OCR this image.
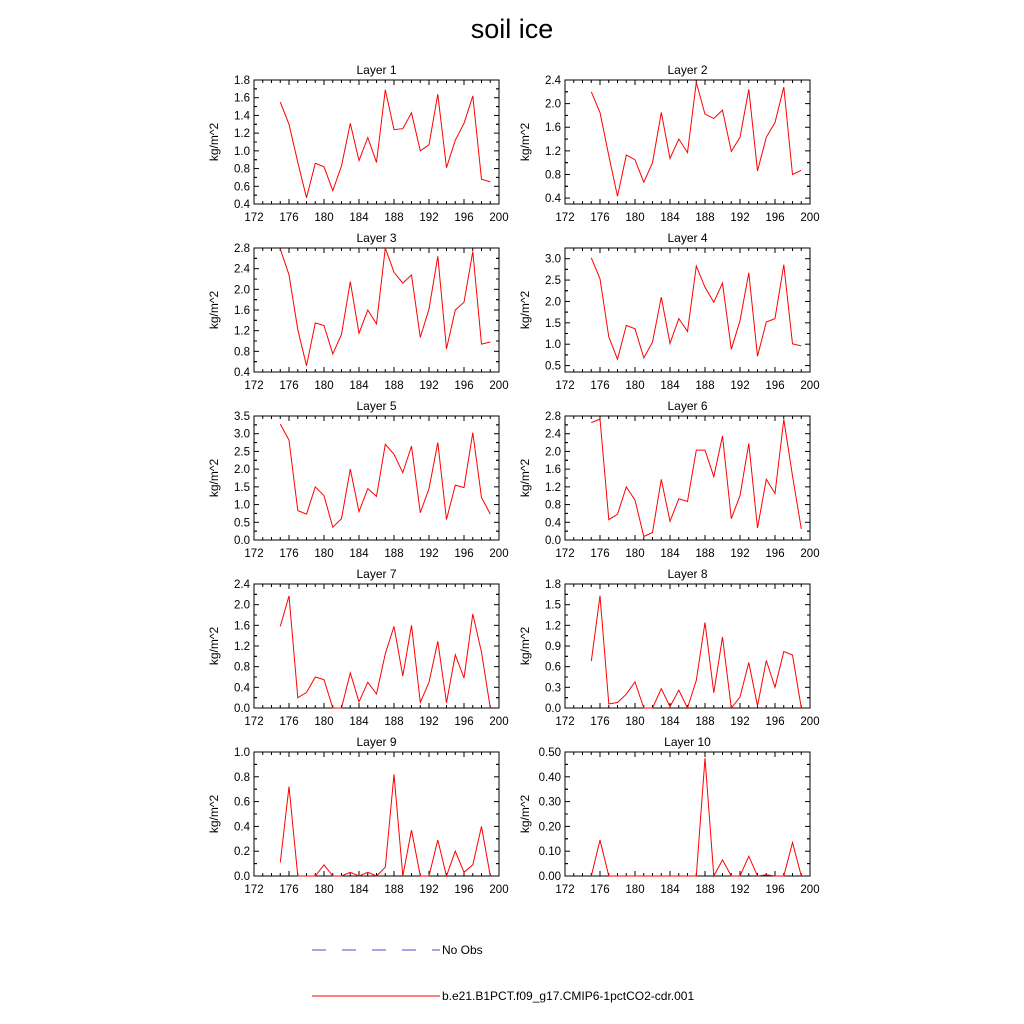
soil ice
Layer 1
172 176 180 184 188 192 196 200
0.4
0.6
0.8
1.0
1.2
1.4
1.6
1.8
kg/m^2
Layer 2
172 176 180 184 188 192 196 200
0.4
0.8
1.2
1.6
2.0
2.4
kg/m^2
Layer 3
172 176 180 184 188 192 196 200
0.4
0.8
1.2
1.6
2.0
2.4
2.8
kg/m^2
Layer 4
172 176 180 184 188 192 196 200
0.5
1.0
1.5
2.0
2.5
3.0
kg/m^2
Layer 5
172 176 180 184 188 192 196 200
0.0
0.5
1.0
1.5
2.0
2.5
3.0
3.5
kg/m^2
Layer 6
172 176 180 184 188 192 196 200
0.0
0.4
0.8
1.2
1.6
2.0
2.4
2.8
kg/m^2
Layer 7
172 176 180 184 188 192 196 200
0.0
0.4
0.8
1.2
1.6
2.0
2.4
kg/m^2
Layer 8
172 176 180 184 188 192 196 200
0.0
0.3
0.6
0.9
1.2
1.5
1.8
kg/m^2
Layer 9
172 176 180 184 188 192 196 200
0.0
0.2
0.4
0.6
0.8
1.0
kg/m^2
Layer 10
172 176 180 184 188 192 196 200
0.00
0.10
0.20
0.30
0.40
0.50
kg/m^2
No Obs
b.e21.B1PCT.f09_g17.CMIP6-1pctCO2-cdr.001
